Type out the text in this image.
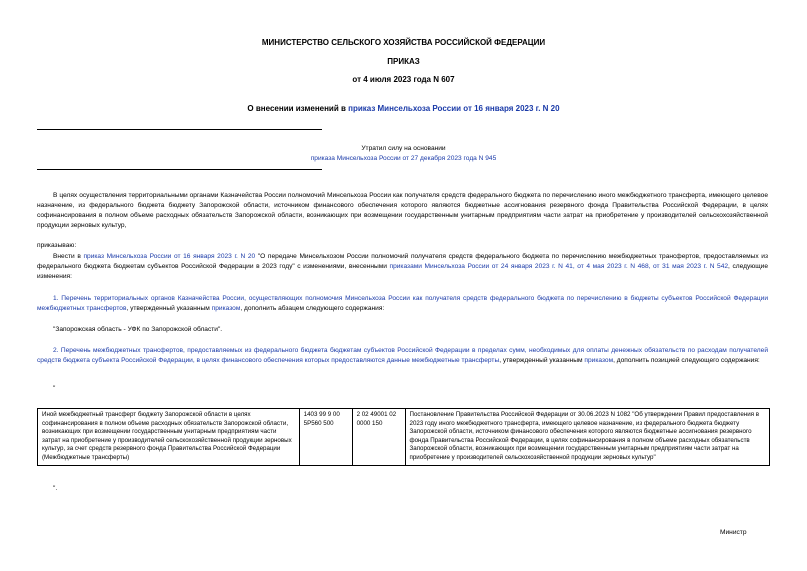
МИНИСТЕРСТВО СЕЛЬСКОГО ХОЗЯЙСТВА РОССИЙСКОЙ ФЕДЕРАЦИИ
ПРИКАЗ
от 4 июля 2023 года N 607
О внесении изменений в приказ Минсельхоза России от 16 января 2023 г. N 20
Утратил силу на основании
приказа Минсельхоза России от 27 декабря 2023 года N 945
В целях осуществления территориальными органами Казначейства России полномочий Минсельхоза России как получателя средств федерального бюджета по перечислению иного межбюджетного трансферта, имеющего целевое назначение, из федерального бюджета бюджету Запорожской области, источником финансового обеспечения которого являются бюджетные ассигнования резервного фонда Правительства Российской Федерации, в целях софинансирования в полном объеме расходных обязательств Запорожской области, возникающих при возмещении государственным унитарным предприятиям части затрат на приобретение у производителей сельскохозяйственной продукции зерновых культур,
приказываю:
Внести в приказ Минсельхоза России от 16 января 2023 г. N 20 "О передаче Минсельхозом России полномочий получателя средств федерального бюджета по перечислению межбюджетных трансфертов, предоставляемых из федерального бюджета бюджетам субъектов Российской Федерации в 2023 году" с изменениями, внесенными приказами Минсельхоза России от 24 января 2023 г. N 41, от 4 мая 2023 г. N 468, от 31 мая 2023 г. N 542, следующие изменения:
1. Перечень территориальных органов Казначейства России, осуществляющих полномочия Минсельхоза России как получателя средств федерального бюджета по перечислению в бюджеты субъектов Российской Федерации межбюджетных трансфертов, утвержденный указанным приказом, дополнить абзацем следующего содержания:
"Запорожская область - УФК по Запорожской области".
2. Перечень межбюджетных трансфертов, предоставляемых из федерального бюджета бюджетам субъектов Российской Федерации в пределах сумм, необходимых для оплаты денежных обязательств по расходам получателей средств бюджета субъекта Российской Федерации, в целях финансового обеспечения которых предоставляются данные межбюджетные трансферты, утвержденный указанным приказом, дополнить позицией следующего содержания:
"
Иной межбюджетный трансферт бюджету Запорожской области в целях софинансирования в полном объеме расходных обязательств Запорожской области, возникающих при возмещении государственным унитарным предприятиям части затрат на приобретение у производителей сельскохозяйственной продукции зерновых культур, за счет средств резервного фонда Правительства Российской Федерации (Межбюджетные трансферты)	1403 99 9 00 5Р560 500	2 02 49001 02 0000 150	Постановление Правительства Российской Федерации от 30.06.2023 N 1082 "Об утверждении Правил предоставления в 2023 году иного межбюджетного трансферта, имеющего целевое назначение, из федерального бюджета бюджету Запорожской области, источником финансового обеспечения которого являются бюджетные ассигнования резервного фонда Правительства Российской Федерации, в целях софинансирования в полном объеме расходных обязательств Запорожской области, возникающих при возмещении государственным унитарным предприятиям части затрат на приобретение у производителей сельскохозяйственной продукции зерновых культур"
".
Министр
